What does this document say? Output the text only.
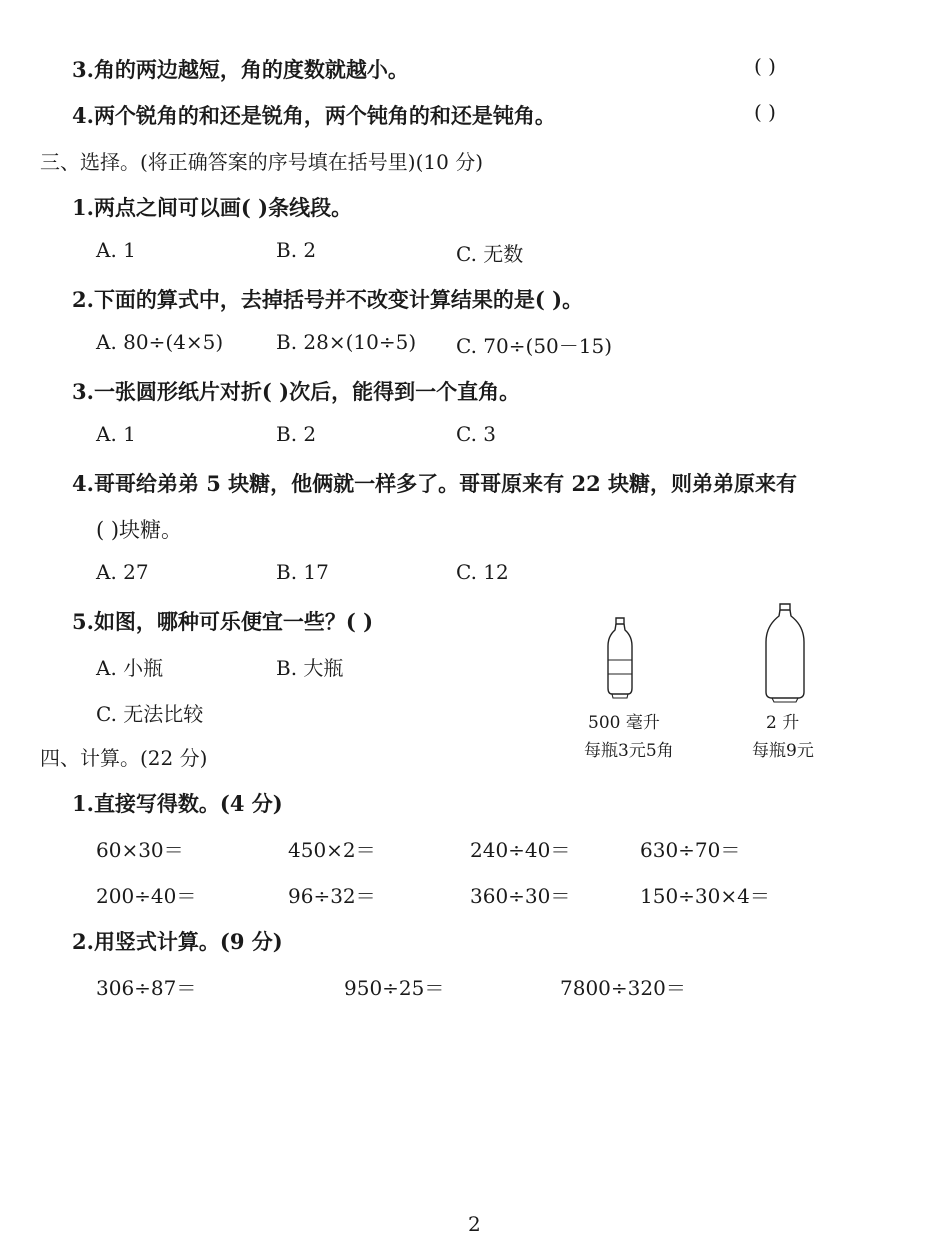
3.角的两边越短，角的度数就越小。	( )
4.两个锐角的和还是锐角，两个钝角的和还是钝角。	( )
三、选择。(将正确答案的序号填在括号里)(10 分)
1.两点之间可以画( )条线段。
A. 1	B. 2	C. 无数
2.下面的算式中，去掉括号并不改变计算结果的是( )。
A. 80÷(4×5)	B. 28×(10÷5) C. 70÷(50－15)
3.一张圆形纸片对折( )次后，能得到一个直角。
A. 1	B. 2	C. 3
4.哥哥给弟弟 5 块糖，他俩就一样多了。哥哥原来有 22 块糖，则弟弟原来有
( )块糖。
A. 27	B. 17	C. 12
5.如图，哪种可乐便宜一些？( )
A. 小瓶	B. 大瓶
C. 无法比较	500 毫升
每瓶3元5角
2 升
每瓶9元
四、计算。(22 分)
1.直接写得数。(4 分)
60×30＝	450×2＝	240÷40＝	630÷70＝
200÷40＝	96÷32＝	360÷30＝	150÷30×4＝
2.用竖式计算。(9 分)
306÷87＝	950÷25＝	7800÷320＝
2
